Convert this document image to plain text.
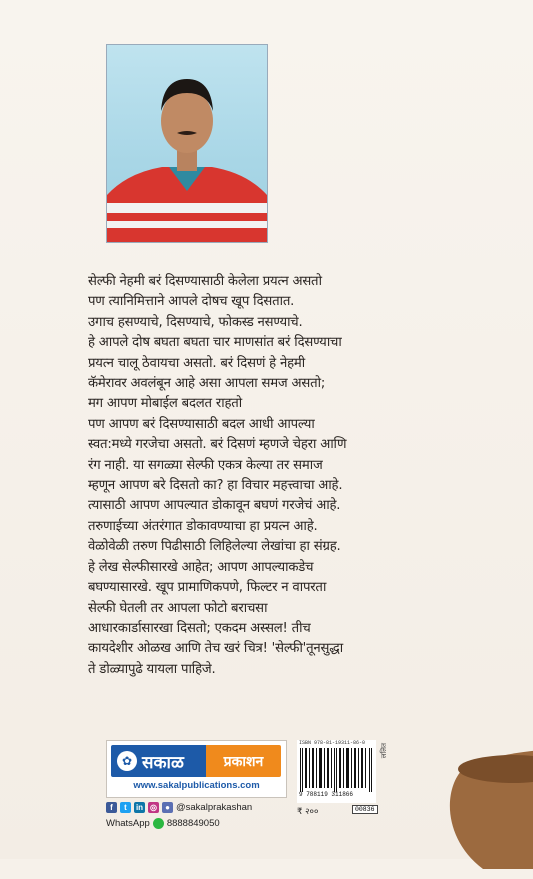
सेल्फी नेहमी बरं दिसण्यासाठी केलेला प्रयत्न असतो
पण त्यानिमित्ताने आपले दोषच खूप दिसतात.
उगाच हसण्याचे, दिसण्याचे, फोकस्ड नसण्याचे.
हे आपले दोष बघता बघता चार माणसांत बरं दिसण्याचा
प्रयत्न चालू ठेवायचा असतो. बरं दिसणं हे नेहमी
कॅमेरावर अवलंबून आहे असा आपला समज असतो;
मग आपण मोबाईल बदलत राहतो
पण आपण बरं दिसण्यासाठी बदल आधी आपल्या
स्वत:मध्ये गरजेचा असतो. बरं दिसणं म्हणजे चेहरा आणि
रंग नाही. या सगळ्या सेल्फी एकत्र केल्या तर समाज
म्हणून आपण बरे दिसतो का? हा विचार महत्त्वाचा आहे.
त्यासाठी आपण आपल्यात डोकावून बघणं गरजेचं आहे.
तरुणाईच्या अंतरंगात डोकावण्याचा हा प्रयत्न आहे.
वेळोवेळी तरुण पिढीसाठी लिहिलेल्या लेखांचा हा संग्रह.
हे लेख सेल्फीसारखे आहेत; आपण आपल्याकडेच
बघण्यासारखे. खूप प्रामाणिकपणे, फिल्टर न वापरता
सेल्फी घेतली तर आपला फोटो बराचसा
आधारकार्डासारखा दिसतो; एकदम अस्सल! तीच
कायदेशीर ओळख आणि तेच खरं चित्र! 'सेल्फी'तूनसुद्धा
ते डोळ्यापुढे यायला पाहिजे.
✿ सकाळ	प्रकाशन
www.sakalpublications.com
f	t	in ◎	● @sakalprakashan
WhatsApp 8888849050
ISBN 978-81-19311-86-0
9 788119 311866
₹ २००	00836
ललित
